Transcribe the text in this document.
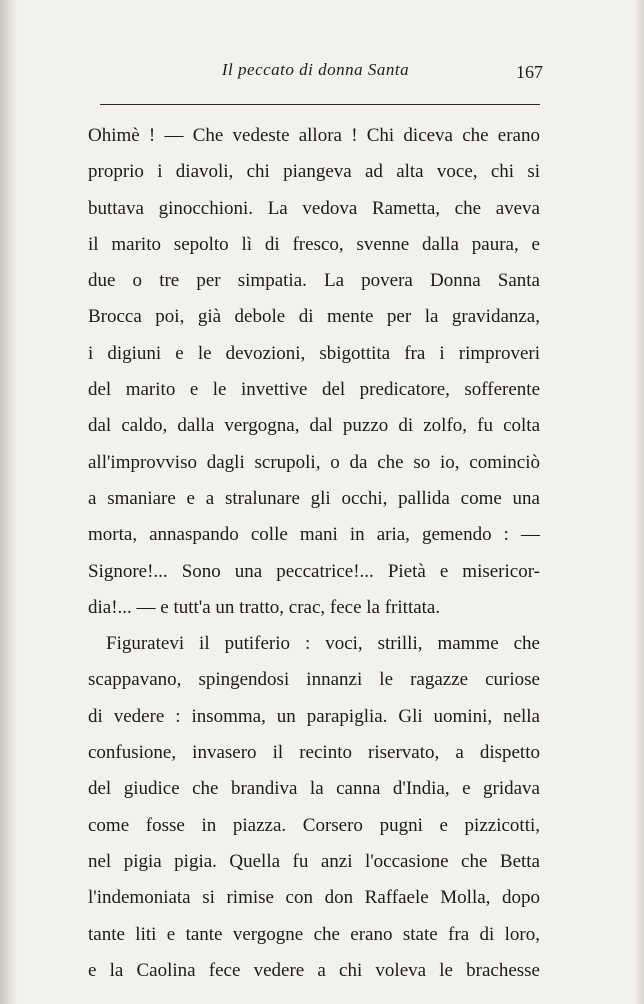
Il peccato di donna Santa	167
Ohimè ! — Che vedeste allora ! Chi diceva che erano
proprio i diavoli, chi piangeva ad alta voce, chi si
buttava ginocchioni. La vedova Rametta, che aveva
il marito sepolto lì di fresco, svenne dalla paura, e
due o tre per simpatia. La povera Donna Santa
Brocca poi, già debole di mente per la gravidanza,
i digiuni e le devozioni, sbigottita fra i rimproveri
del marito e le invettive del predicatore, sofferente
dal caldo, dalla vergogna, dal puzzo di zolfo, fu colta
all'improvviso dagli scrupoli, o da che so io, cominciò
a smaniare e a stralunare gli occhi, pallida come una
morta, annaspando colle mani in aria, gemendo : —
Signore!... Sono una peccatrice!... Pietà e misericor-
dia!... — e tutt'a un tratto, crac, fece la frittata.
Figuratevi il putiferio : voci, strilli, mamme che
scappavano, spingendosi innanzi le ragazze curiose
di vedere : insomma, un parapiglia. Gli uomini, nella
confusione, invasero il recinto riservato, a dispetto
del giudice che brandiva la canna d'India, e gridava
come fosse in piazza. Corsero pugni e pizzicotti,
nel pigia pigia. Quella fu anzi l'occasione che Betta
l'indemoniata si rimise con don Raffaele Molla, dopo
tante liti e tante vergogne che erano state fra di loro,
e la Caolina fece vedere a chi voleva le brachesse
